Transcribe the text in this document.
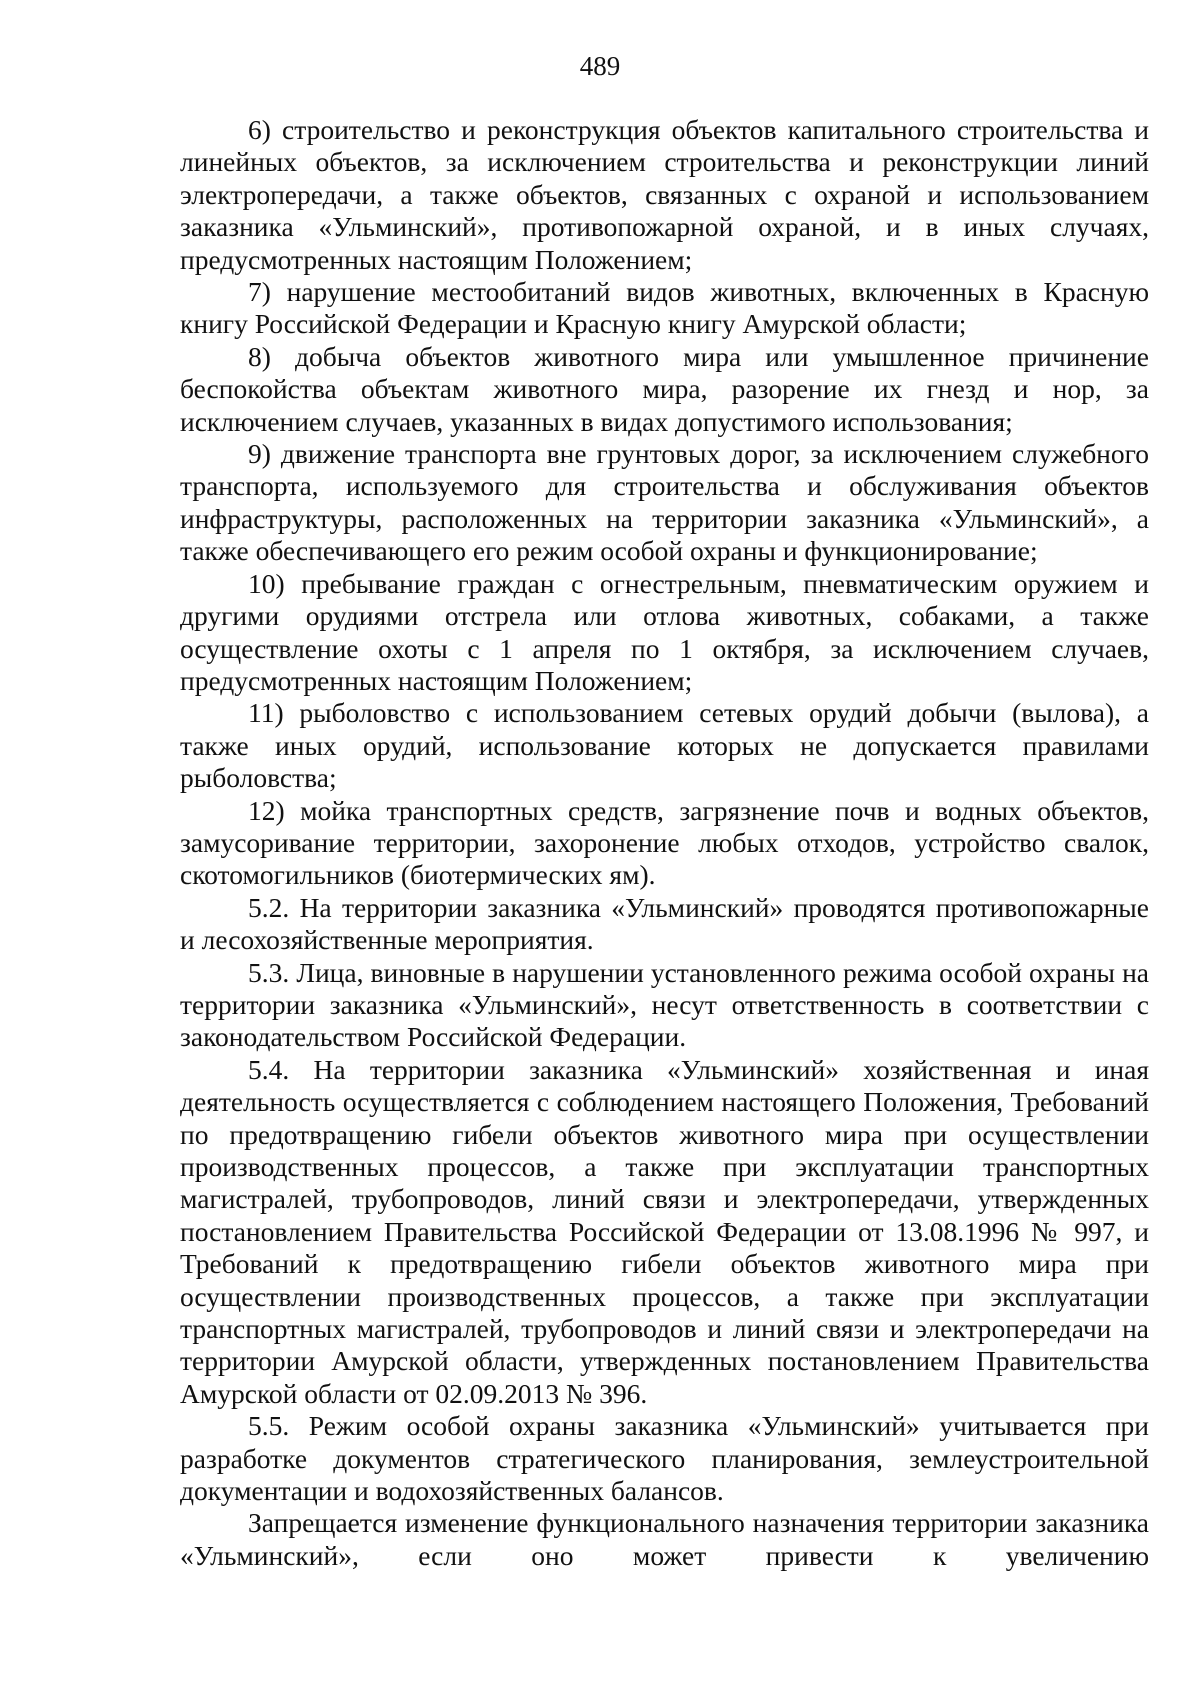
489

6) строительство и реконструкция объектов капитального строительства и линейных объектов, за исключением строительства и реконструкции линий электропередачи, а также объектов, связанных с охраной и использованием заказника «Ульминский», противопожарной охраной, и в иных случаях, предусмотренных настоящим Положением;

7) нарушение местообитаний видов животных, включенных в Красную книгу Российской Федерации и Красную книгу Амурской области;

8) добыча объектов животного мира или умышленное причинение беспокойства объектам животного мира, разорение их гнезд и нор, за исключением случаев, указанных в видах допустимого использования;

9) движение транспорта вне грунтовых дорог, за исключением служебного транспорта, используемого для строительства и обслуживания объектов инфраструктуры, расположенных на территории заказника «Ульминский», а также обеспечивающего его режим особой охраны и функционирование;

10) пребывание граждан с огнестрельным, пневматическим оружием и другими орудиями отстрела или отлова животных, собаками, а также осуществление охоты с 1 апреля по 1 октября, за исключением случаев, предусмотренных настоящим Положением;

11) рыболовство с использованием сетевых орудий добычи (вылова), а также иных орудий, использование которых не допускается правилами рыболовства;

12) мойка транспортных средств, загрязнение почв и водных объектов, замусоривание территории, захоронение любых отходов, устройство свалок, скотомогильников (биотермических ям).

5.2. На территории заказника «Ульминский» проводятся противопожарные и лесохозяйственные мероприятия.

5.3. Лица, виновные в нарушении установленного режима особой охраны на территории заказника «Ульминский», несут ответственность в соответствии с законодательством Российской Федерации.

5.4. На территории заказника «Ульминский» хозяйственная и иная деятельность осуществляется с соблюдением настоящего Положения, Требований по предотвращению гибели объектов животного мира при осуществлении производственных процессов, а также при эксплуатации транспортных магистралей, трубопроводов, линий связи и электропередачи, утвержденных постановлением Правительства Российской Федерации от 13.08.1996 № 997, и Требований к предотвращению гибели объектов животного мира при осуществлении производственных процессов, а также при эксплуатации транспортных магистралей, трубопроводов и линий связи и электропередачи на территории Амурской области, утвержденных постановлением Правительства Амурской области от 02.09.2013 № 396.

5.5. Режим особой охраны заказника «Ульминский» учитывается при разработке документов стратегического планирования, землеустроительной документации и водохозяйственных балансов.

Запрещается изменение функционального назначения территории заказника «Ульминский», если оно может привести к увеличению
